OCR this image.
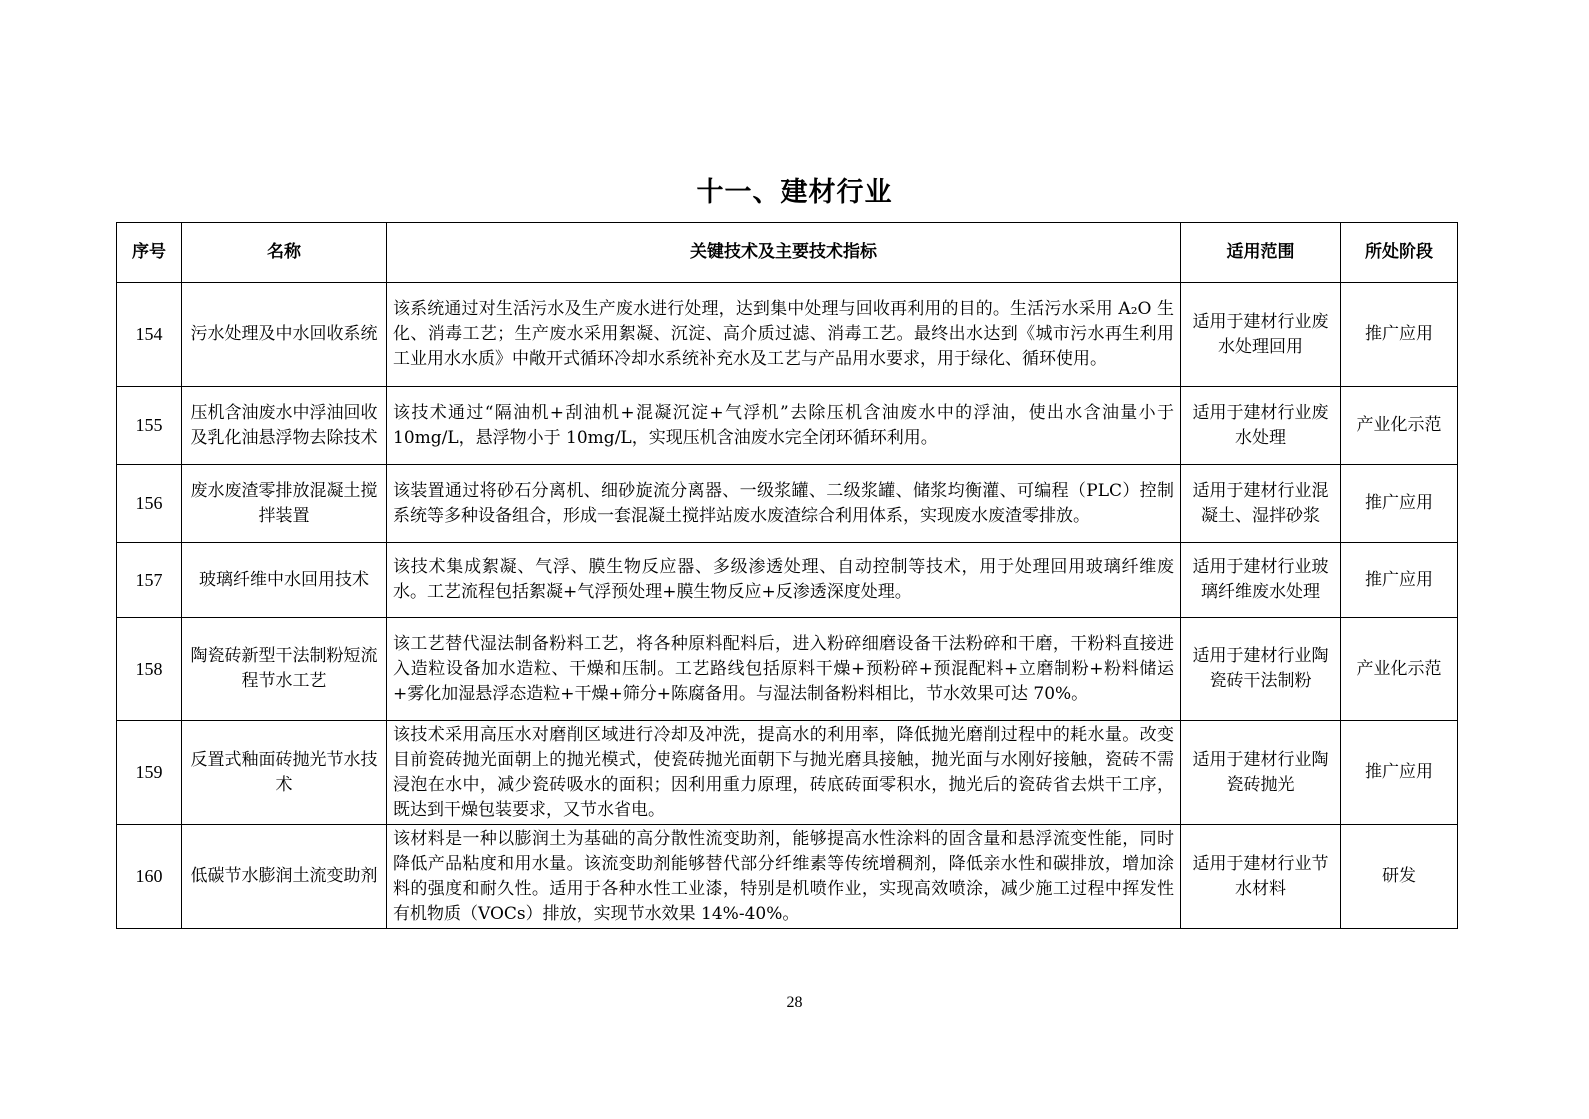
十一、建材行业
序号	名称	关键技术及主要技术指标	适用范围	所处阶段
154	污水处理及中水回收系统	该系统通过对生活污水及生产废水进行处理，达到集中处理与回收再利用的目的。生活污水采用 A₂O 生化、消毒工艺；生产废水采用絮凝、沉淀、高介质过滤、消毒工艺。最终出水达到《城市污水再生利用工业用水水质》中敞开式循环冷却水系统补充水及工艺与产品用水要求，用于绿化、循环使用。	适用于建材行业废水处理回用	推广应用
155	压机含油废水中浮油回收及乳化油悬浮物去除技术	该技术通过“隔油机+刮油机+混凝沉淀+气浮机”去除压机含油废水中的浮油，使出水含油量小于 10mg/L，悬浮物小于 10mg/L，实现压机含油废水完全闭环循环利用。	适用于建材行业废水处理	产业化示范
156	废水废渣零排放混凝土搅拌装置	该装置通过将砂石分离机、细砂旋流分离器、一级浆罐、二级浆罐、储浆均衡灌、可编程（PLC）控制系统等多种设备组合，形成一套混凝土搅拌站废水废渣综合利用体系，实现废水废渣零排放。	适用于建材行业混凝土、湿拌砂浆	推广应用
157	玻璃纤维中水回用技术	该技术集成絮凝、气浮、膜生物反应器、多级渗透处理、自动控制等技术，用于处理回用玻璃纤维废水。工艺流程包括絮凝+气浮预处理+膜生物反应+反渗透深度处理。	适用于建材行业玻璃纤维废水处理	推广应用
158	陶瓷砖新型干法制粉短流程节水工艺	该工艺替代湿法制备粉料工艺，将各种原料配料后，进入粉碎细磨设备干法粉碎和干磨，干粉料直接进入造粒设备加水造粒、干燥和压制。工艺路线包括原料干燥+预粉碎+预混配料+立磨制粉+粉料储运+雾化加湿悬浮态造粒+干燥+筛分+陈腐备用。与湿法制备粉料相比，节水效果可达 70%。	适用于建材行业陶瓷砖干法制粉	产业化示范
159	反置式釉面砖抛光节水技术	该技术采用高压水对磨削区域进行冷却及冲洗，提高水的利用率，降低抛光磨削过程中的耗水量。改变目前瓷砖抛光面朝上的抛光模式，使瓷砖抛光面朝下与抛光磨具接触，抛光面与水刚好接触，瓷砖不需浸泡在水中，减少瓷砖吸水的面积；因利用重力原理，砖底砖面零积水，抛光后的瓷砖省去烘干工序，既达到干燥包装要求，又节水省电。	适用于建材行业陶瓷砖抛光	推广应用
160	低碳节水膨润土流变助剂	该材料是一种以膨润土为基础的高分散性流变助剂，能够提高水性涂料的固含量和悬浮流变性能，同时降低产品粘度和用水量。该流变助剂能够替代部分纤维素等传统增稠剂，降低亲水性和碳排放，增加涂料的强度和耐久性。适用于各种水性工业漆，特别是机喷作业，实现高效喷涂，减少施工过程中挥发性有机物质（VOCs）排放，实现节水效果 14%-40%。	适用于建材行业节水材料	研发
28
